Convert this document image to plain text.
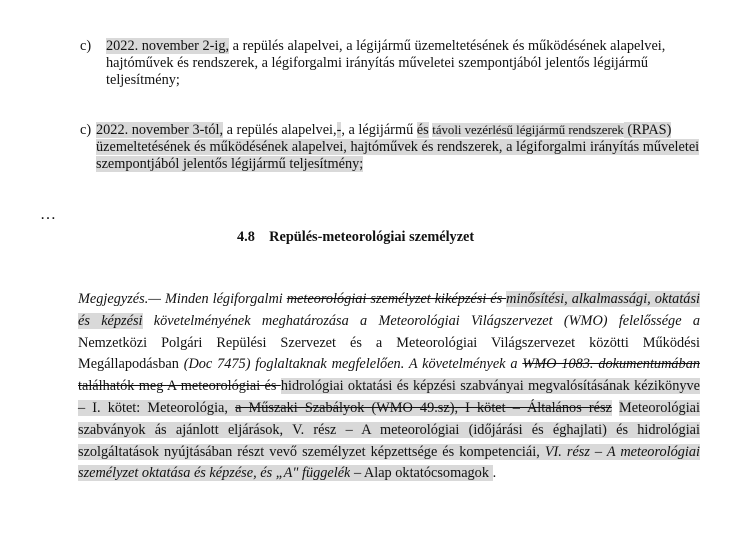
c) 2022. november 2-ig, a repülés alapelvei, a légijármű üzemeltetésének és működésének alapelvei, hajtóművek és rendszerek, a légiforgalmi irányítás műveletei szempontjából jelentős légijármű teljesítmény;
c) 2022. november 3-tól, a repülés alapelvei,-, a légijármű és távoli vezérlésű légijármű rendszerek (RPAS) üzemeltetésének és működésének alapelvei, hajtóművek és rendszerek, a légiforgalmi irányítás műveletei szempontjából jelentős légijármű teljesítmény;
…
4.8    Repülés-meteorológiai személyzet
Megjegyzés.— Minden légiforgalmi meteorológiai személyzet kiképzési és minősítési, alkalmassági, oktatási és képzési követelményének meghatározása a Meteorológiai Világszervezet (WMO) felelőssége a Nemzetközi Polgári Repülési Szervezet és a Meteorológiai Világszervezet közötti Működési Megállapodásban (Doc 7475) foglaltaknak megfelelően. A követelmények a WMO 1083. dokumentumában találhatók meg A meteorológiai és hidrológiai oktatási és képzési szabványai megvalósításának kézikönyve – I. kötet: Meteorológia, a Műszaki Szabályok (WMO 49.sz), I kötet – Általános rész Meteorológiai szabványok ás ajánlott eljárások, V. rész – A meteorológiai (időjárási és éghajlati) és hidrológiai szolgáltatások nyújtásában részt vevő személyzet képzettsége és kompetenciái, VI. rész – A meteorológiai személyzet oktatása és képzése, és „A" függelék – Alap oktatócsomagok .
